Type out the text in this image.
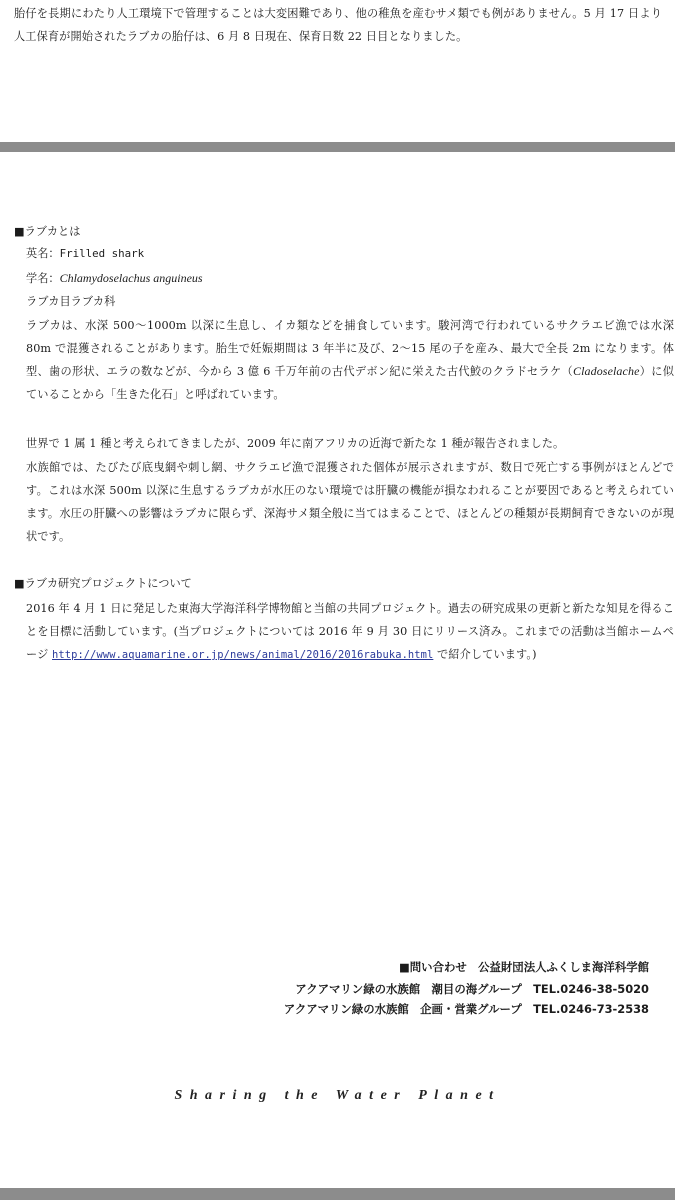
胎仔を長期にわたり人工環境下で管理することは大変困難であり、他の稚魚を産むサメ類でも例がありません。5 月 17 日より人工保育が開始されたラブカの胎仔は、6 月 8 日現在、保育日数 22 日目となりました。

■ラブカとは
英名：Frilled shark
学名：Chlamydoselachus anguineus
ラブカ目ラブカ科

ラブカは、水深 500～1000m 以深に生息し、イカ類などを捕食しています。駿河湾で行われているサクラエビ漁では水深 80m で混獲されることがあります。胎生で妊娠期間は 3 年半に及び、2～15 尾の子を産み、最大で全長 2m になります。体型、歯の形状、エラの数などが、今から 3 億 6 千万年前の古代デボン紀に栄えた古代鮫のクラドセラケ（Cladoselache）に似ていることから「生きた化石」と呼ばれています。

世界で 1 属 1 種と考えられてきましたが、2009 年に南アフリカの近海で新たな 1 種が報告されました。

水族館では、たびたび底曳網や刺し網、サクラエビ漁で混獲された個体が展示されますが、数日で死亡する事例がほとんどです。これは水深 500m 以深に生息するラブカが水圧のない環境では肝臓の機能が損なわれることが要因であると考えられています。水圧の肝臓への影響はラブカに限らず、深海サメ類全般に当てはまることで、ほとんどの種類が長期飼育できないのが現状です。

■ラブカ研究プロジェクトについて

2016 年 4 月 1 日に発足した東海大学海洋科学博物館と当館の共同プロジェクト。過去の研究成果の更新と新たな知見を得ることを目標に活動しています。(当プロジェクトについては 2016 年 9 月 30 日にリリース済み。これまでの活動は当館ホームページ http://www.aquamarine.or.jp/news/animal/2016/2016rabuka.html で紹介しています。)

■問い合わせ　公益財団法人ふくしま海洋科学館
アクアマリン緑の水族館　潮目の海グループ　TEL.0246-38-5020
アクアマリン緑の水族館　企画・営業グループ　TEL.0246-73-2538
Sharing the Water Planet
